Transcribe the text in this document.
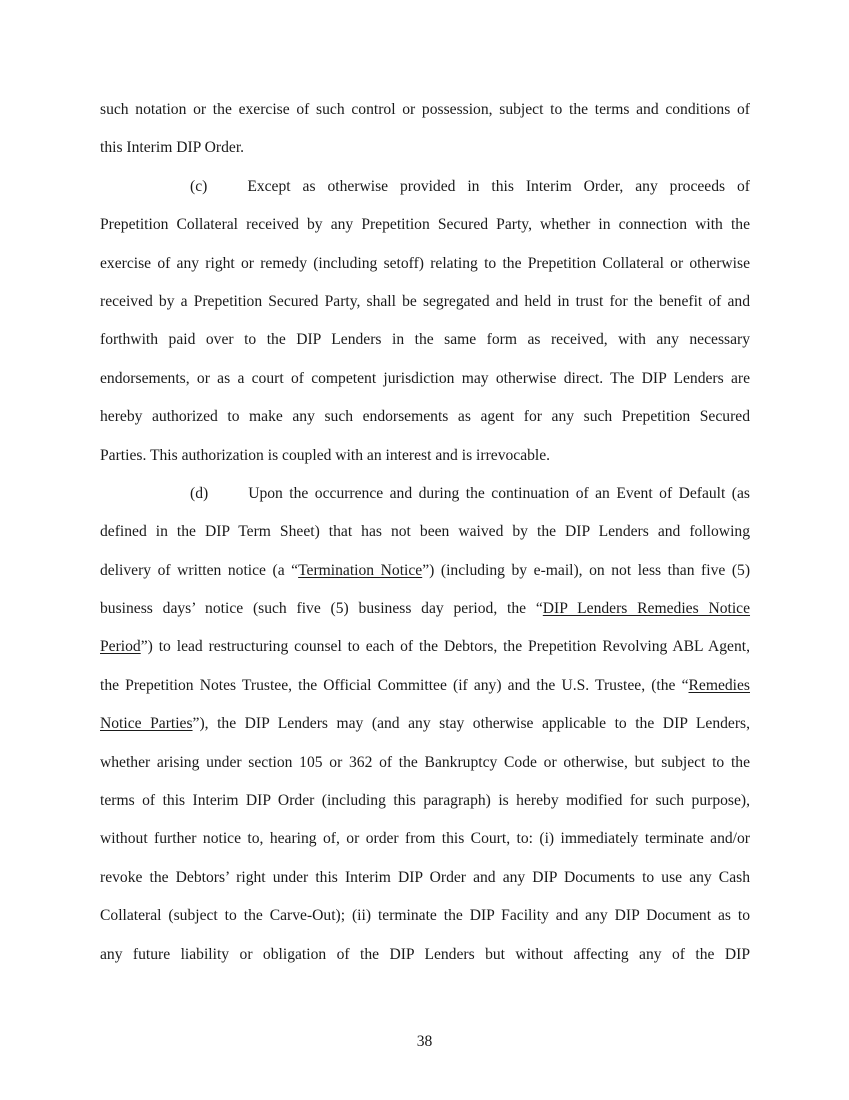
such notation or the exercise of such control or possession, subject to the terms and conditions of
this Interim DIP Order.
(c)	Except as otherwise provided in this Interim Order, any proceeds of
Prepetition Collateral received by any Prepetition Secured Party, whether in connection with the
exercise of any right or remedy (including setoff) relating to the Prepetition Collateral or otherwise
received by a Prepetition Secured Party, shall be segregated and held in trust for the benefit of and
forthwith paid over to the DIP Lenders in the same form as received, with any necessary
endorsements, or as a court of competent jurisdiction may otherwise direct. The DIP Lenders are
hereby authorized to make any such endorsements as agent for any such Prepetition Secured
Parties. This authorization is coupled with an interest and is irrevocable.
(d)	Upon the occurrence and during the continuation of an Event of Default (as
defined in the DIP Term Sheet) that has not been waived by the DIP Lenders and following
delivery of written notice (a “Termination Notice”) (including by e-mail), on not less than five (5)
business days’ notice (such five (5) business day period, the “DIP Lenders Remedies Notice
Period”) to lead restructuring counsel to each of the Debtors, the Prepetition Revolving ABL Agent,
the Prepetition Notes Trustee, the Official Committee (if any) and the U.S. Trustee, (the “Remedies
Notice Parties”), the DIP Lenders may (and any stay otherwise applicable to the DIP Lenders,
whether arising under section 105 or 362 of the Bankruptcy Code or otherwise, but subject to the
terms of this Interim DIP Order (including this paragraph) is hereby modified for such purpose),
without further notice to, hearing of, or order from this Court, to: (i) immediately terminate and/or
revoke the Debtors’ right under this Interim DIP Order and any DIP Documents to use any Cash
Collateral (subject to the Carve-Out); (ii) terminate the DIP Facility and any DIP Document as to
any future liability or obligation of the DIP Lenders but without affecting any of the DIP
38
